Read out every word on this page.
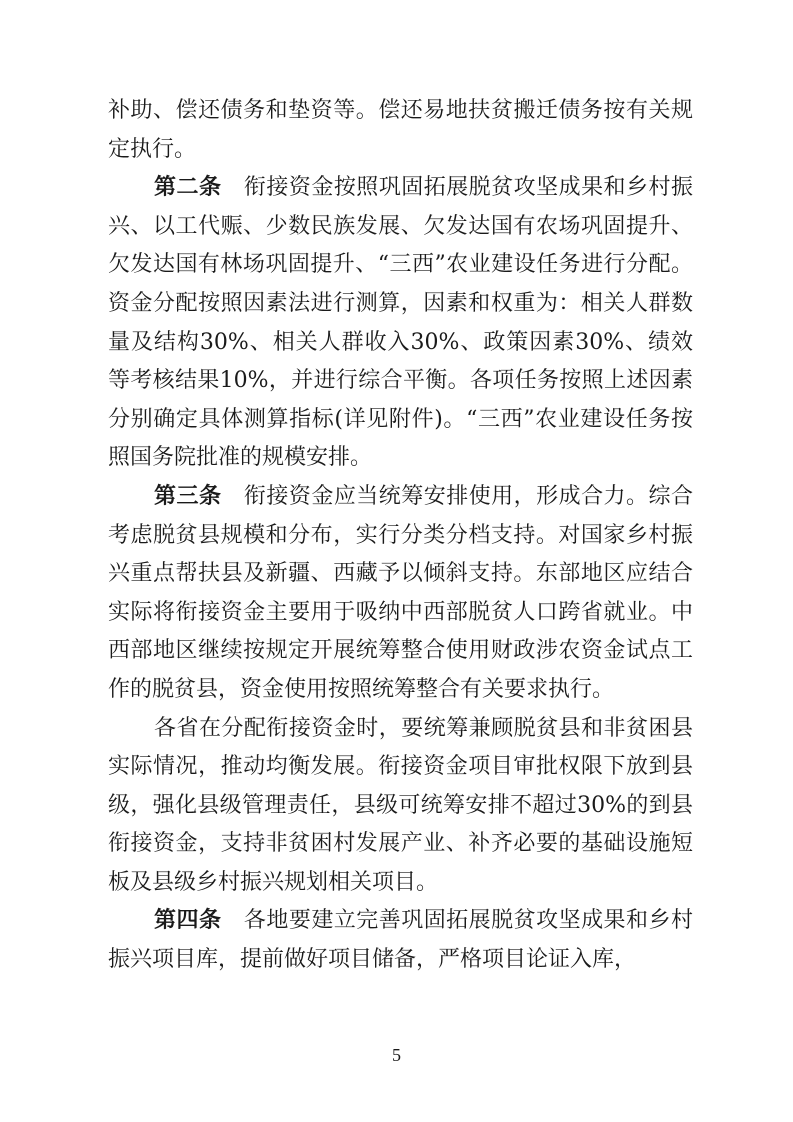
补助、偿还债务和垫资等。偿还易地扶贫搬迁债务按有关规定执行。

第二条　衔接资金按照巩固拓展脱贫攻坚成果和乡村振兴、以工代赈、少数民族发展、欠发达国有农场巩固提升、欠发达国有林场巩固提升、“三西”农业建设任务进行分配。资金分配按照因素法进行测算，因素和权重为：相关人群数量及结构30%、相关人群收入30%、政策因素30%、绩效等考核结果10%，并进行综合平衡。各项任务按照上述因素分别确定具体测算指标(详见附件)。“三西”农业建设任务按照国务院批准的规模安排。

第三条　衔接资金应当统筹安排使用，形成合力。综合考虑脱贫县规模和分布，实行分类分档支持。对国家乡村振兴重点帮扶县及新疆、西藏予以倾斜支持。东部地区应结合实际将衔接资金主要用于吸纳中西部脱贫人口跨省就业。中西部地区继续按规定开展统筹整合使用财政涉农资金试点工作的脱贫县，资金使用按照统筹整合有关要求执行。

各省在分配衔接资金时，要统筹兼顾脱贫县和非贫困县实际情况，推动均衡发展。衔接资金项目审批权限下放到县级，强化县级管理责任，县级可统筹安排不超过30%的到县衔接资金，支持非贫困村发展产业、补齐必要的基础设施短板及县级乡村振兴规划相关项目。

第四条　各地要建立完善巩固拓展脱贫攻坚成果和乡村振兴项目库，提前做好项目储备，严格项目论证入库，

5
